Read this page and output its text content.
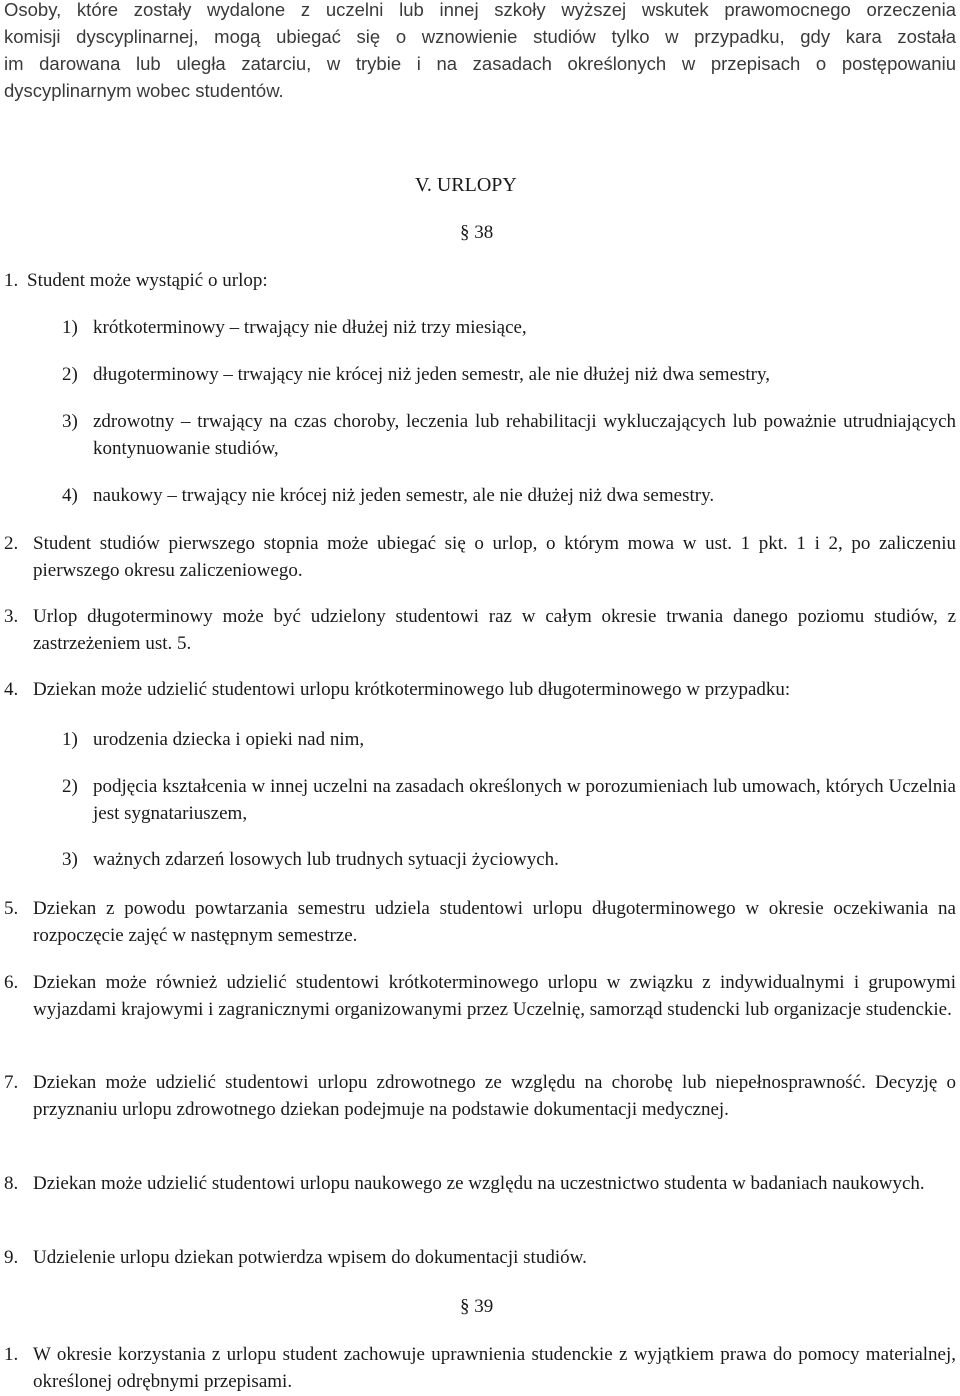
Osoby, które zostały wydalone z uczelni lub innej szkoły wyższej wskutek prawomocnego orzeczenia
komisji dyscyplinarnej, mogą ubiegać się o wznowienie studiów tylko w przypadku, gdy kara została
im darowana lub uległa zatarciu, w trybie i na zasadach określonych w przepisach o postępowaniu
dyscyplinarnym wobec studentów.
V. URLOPY
§ 38
1. Student może wystąpić o urlop:
1) krótkoterminowy – trwający nie dłużej niż trzy miesiące,
2) długoterminowy – trwający nie krócej niż jeden semestr, ale nie dłużej niż dwa semestry,
3) zdrowotny – trwający na czas choroby, leczenia lub rehabilitacji wykluczających lub poważnie utrudniających kontynuowanie studiów,
4) naukowy – trwający nie krócej niż jeden semestr, ale nie dłużej niż dwa semestry.
2. Student studiów pierwszego stopnia może ubiegać się o urlop, o którym mowa w ust. 1 pkt. 1 i 2, po zaliczeniu pierwszego okresu zaliczeniowego.
3. Urlop długoterminowy może być udzielony studentowi raz w całym okresie trwania danego poziomu studiów, z zastrzeżeniem ust. 5.
4. Dziekan może udzielić studentowi urlopu krótkoterminowego lub długoterminowego w przypadku:
1) urodzenia dziecka i opieki nad nim,
2) podjęcia kształcenia w innej uczelni na zasadach określonych w porozumieniach lub umowach, których Uczelnia jest sygnatariuszem,
3) ważnych zdarzeń losowych lub trudnych sytuacji życiowych.
5. Dziekan z powodu powtarzania semestru udziela studentowi urlopu długoterminowego w okresie oczekiwania na rozpoczęcie zajęć w następnym semestrze.
6. Dziekan może również udzielić studentowi krótkoterminowego urlopu w związku z indywidualnymi i grupowymi wyjazdami krajowymi i zagranicznymi organizowanymi przez Uczelnię, samorząd studencki lub organizacje studenckie.
7. Dziekan może udzielić studentowi urlopu zdrowotnego ze względu na chorobę lub niepełnosprawność. Decyzję o przyznaniu urlopu zdrowotnego dziekan podejmuje na podstawie dokumentacji medycznej.
8. Dziekan może udzielić studentowi urlopu naukowego ze względu na uczestnictwo studenta w badaniach naukowych.
9. Udzielenie urlopu dziekan potwierdza wpisem do dokumentacji studiów.
§ 39
1. W okresie korzystania z urlopu student zachowuje uprawnienia studenckie z wyjątkiem prawa do pomocy materialnej, określonej odrębnymi przepisami.
